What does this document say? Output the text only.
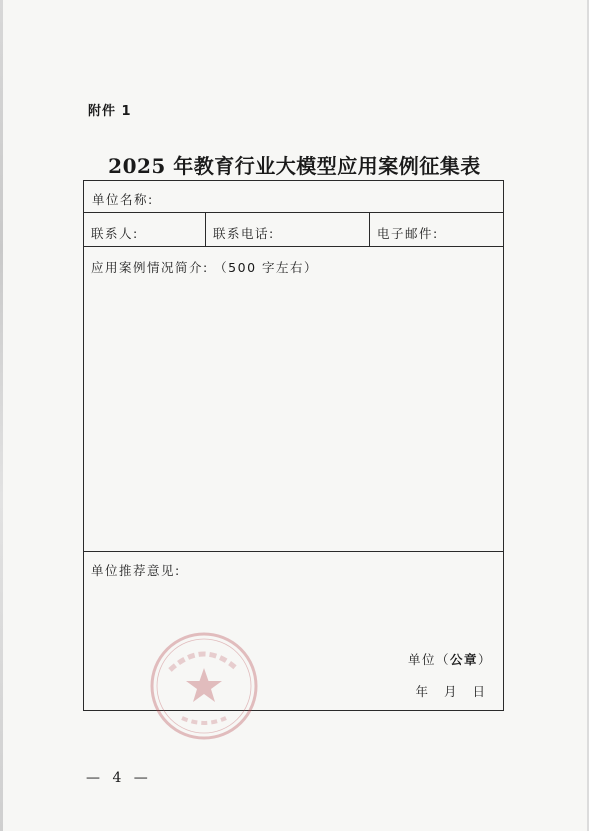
附件 1
2025 年教育行业大模型应用案例征集表
单位名称:
联系人:	联系电话:	电子邮件:
应用案例情况简介: （500 字左右）
单位推荐意见:
单位（公章）
年 月 日
— 4 —
